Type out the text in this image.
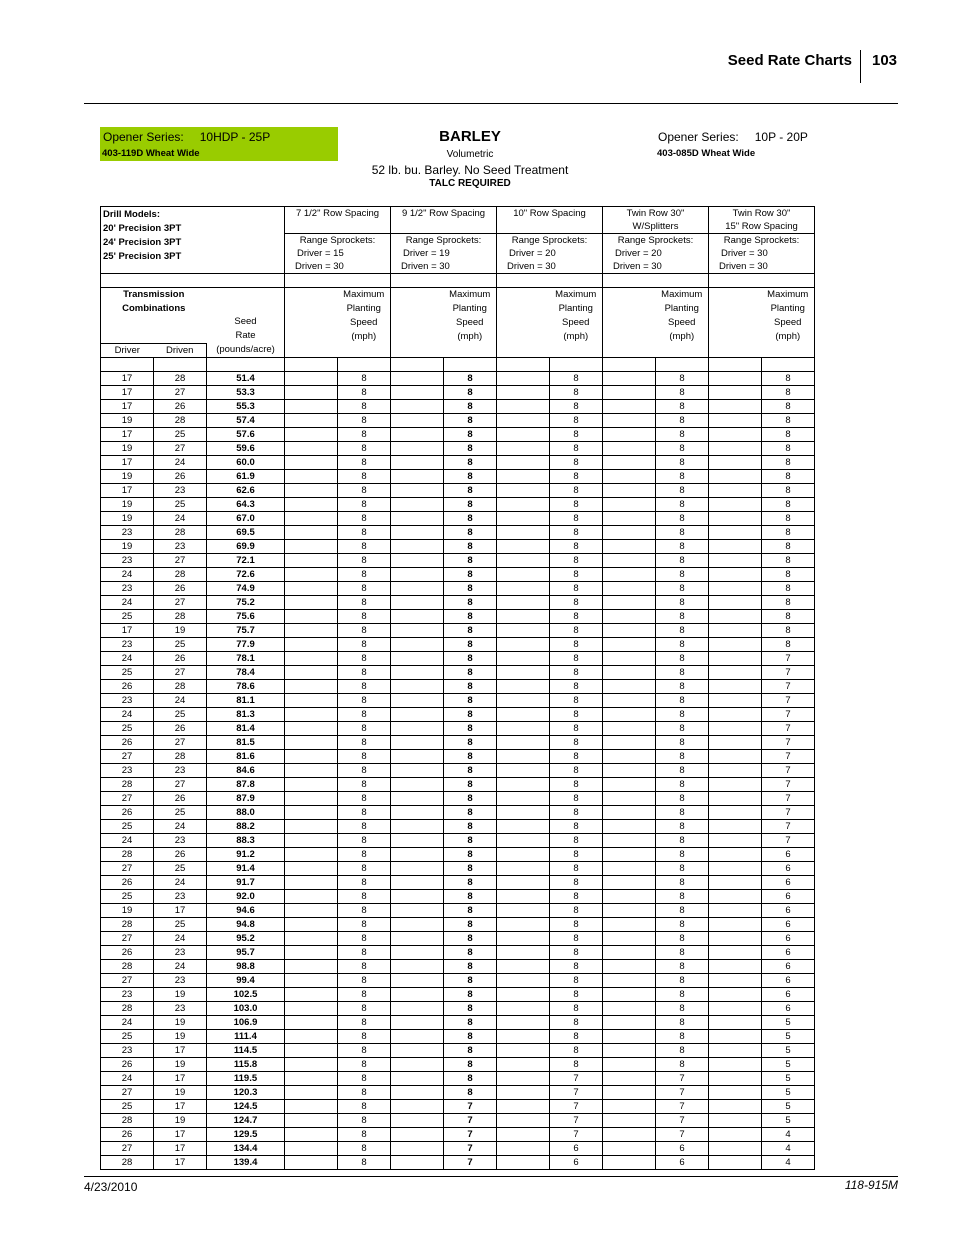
Seed Rate Charts 103
Opener Series: 10HDP - 25P
403-119D Wheat Wide
Opener Series: 10P - 20P
403-085D Wheat Wide
BARLEY
Volumetric
52 lb. bu. Barley. No Seed Treatment
TALC REQUIRED
Drill Models:
20' Precision 3PT
24' Precision 3PT
25' Precision 3PT			7 1/2" Row Spacing		9 1/2" Row Spacing		10" Row Spacing		Twin Row 30"		Twin Row 30"	
									W/Splitters		15" Row Spacing	
			Range Sprockets:		Range Sprockets:		Range Sprockets:		Range Sprockets:		Range Sprockets:	
			Driver = 15		Driver = 19		Driver = 20		Driver = 20		Driver = 30	
			Driven = 30		Driven = 30		Driven = 30		Driven = 30		Driven = 30	

Transmission
Combinations		Seed
Rate
(pounds/acre)		Maximum
Planting
Speed
(mph)		Maximum
Planting
Speed
(mph)		Maximum
Planting
Speed
(mph)		Maximum
Planting
Speed
(mph)		Maximum
Planting
Speed
(mph)

Driver	Driven											

17	28	51.4		8		8		8		8		8
17	27	53.3		8		8		8		8		8
17	26	55.3		8		8		8		8		8
19	28	57.4		8		8		8		8		8
17	25	57.6		8		8		8		8		8
19	27	59.6		8		8		8		8		8
17	24	60.0		8		8		8		8		8
19	26	61.9		8		8		8		8		8
17	23	62.6		8		8		8		8		8
19	25	64.3		8		8		8		8		8
19	24	67.0		8		8		8		8		8
23	28	69.5		8		8		8		8		8
19	23	69.9		8		8		8		8		8
23	27	72.1		8		8		8		8		8
24	28	72.6		8		8		8		8		8
23	26	74.9		8		8		8		8		8
24	27	75.2		8		8		8		8		8
25	28	75.6		8		8		8		8		8
17	19	75.7		8		8		8		8		8
23	25	77.9		8		8		8		8		8
24	26	78.1		8		8		8		8		7
25	27	78.4		8		8		8		8		7
26	28	78.6		8		8		8		8		7
23	24	81.1		8		8		8		8		7
24	25	81.3		8		8		8		8		7
25	26	81.4		8		8		8		8		7
26	27	81.5		8		8		8		8		7
27	28	81.6		8		8		8		8		7
23	23	84.6		8		8		8		8		7
28	27	87.8		8		8		8		8		7
27	26	87.9		8		8		8		8		7
26	25	88.0		8		8		8		8		7
25	24	88.2		8		8		8		8		7
24	23	88.3		8		8		8		8		7
28	26	91.2		8		8		8		8		6
27	25	91.4		8		8		8		8		6
26	24	91.7		8		8		8		8		6
25	23	92.0		8		8		8		8		6
19	17	94.6		8		8		8		8		6
28	25	94.8		8		8		8		8		6
27	24	95.2		8		8		8		8		6
26	23	95.7		8		8		8		8		6
28	24	98.8		8		8		8		8		6
27	23	99.4		8		8		8		8		6
23	19	102.5		8		8		8		8		6
28	23	103.0		8		8		8		8		6
24	19	106.9		8		8		8		8		5
25	19	111.4		8		8		8		8		5
23	17	114.5		8		8		8		8		5
26	19	115.8		8		8		8		8		5
24	17	119.5		8		8		7		7		5
27	19	120.3		8		8		7		7		5
25	17	124.5		8		7		7		7		5
28	19	124.7		8		7		7		7		5
26	17	129.5		8		7		7		7		4
27	17	134.4		8		7		6		6		4
28	17	139.4		8		7		6		6		4
4/23/2010	118-915M
